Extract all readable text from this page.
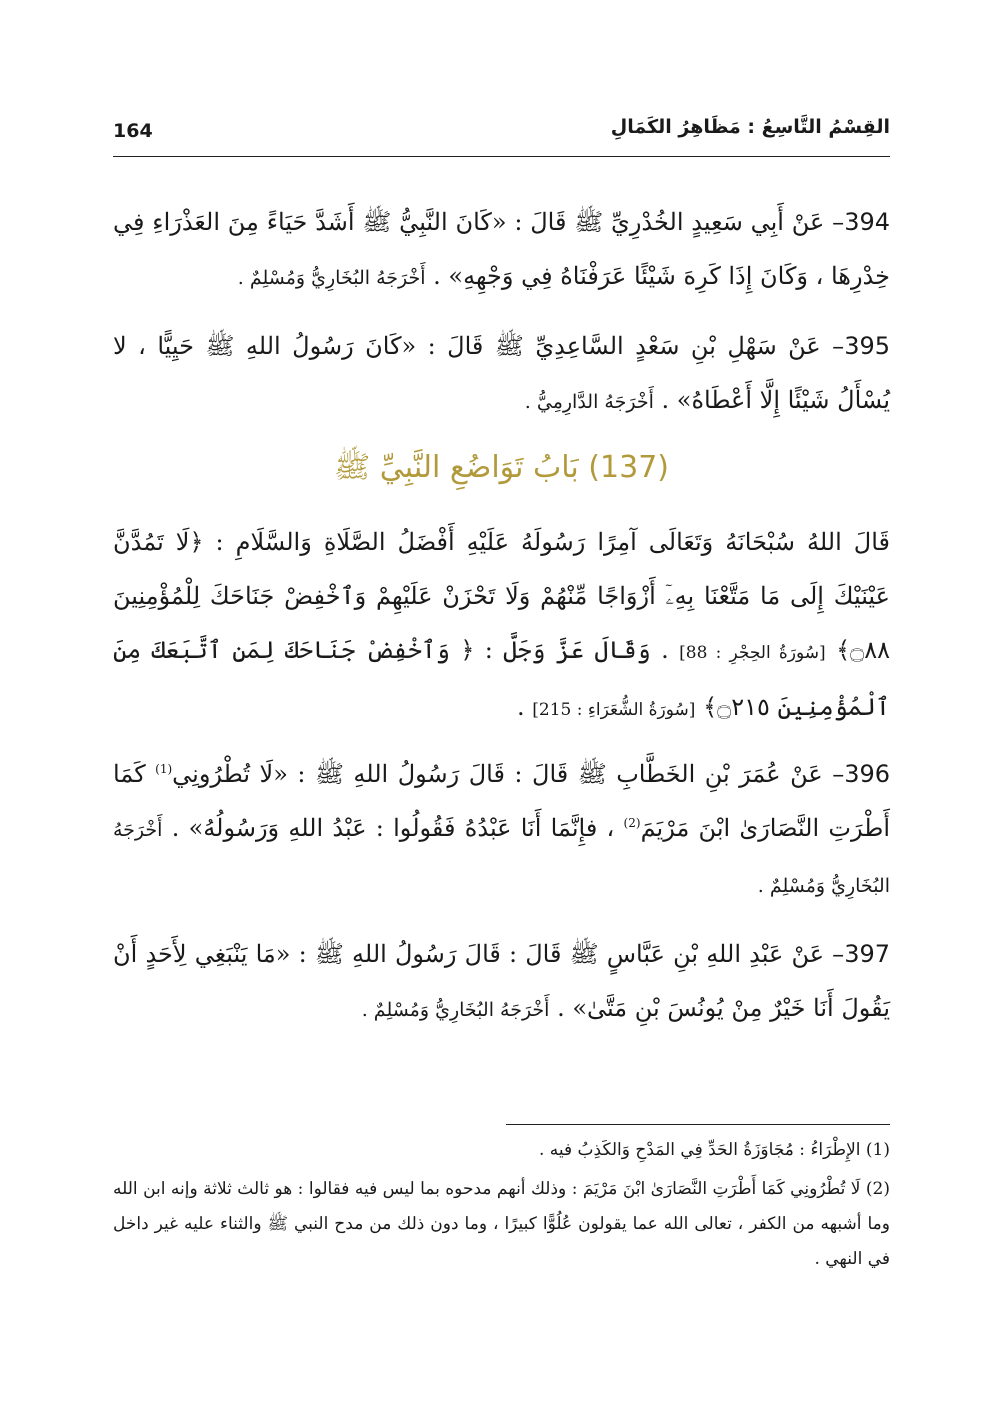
164	القِسْمُ التَّاسِعُ : مَظَاهِرُ الكَمَالِ

394– عَنْ أَبِي سَعِيدٍ الخُدْرِيِّ ﷺ قَالَ : «كَانَ النَّبِيُّ ﷺ أَشَدَّ حَيَاءً مِنَ العَذْرَاءِ فِي خِدْرِهَا ، وَكَانَ إِذَا كَرِهَ شَيْئًا عَرَفْنَاهُ فِي وَجْهِهِ» . أَخْرَجَهُ البُخَارِيُّ وَمُسْلِمٌ .

395– عَنْ سَهْلِ بْنِ سَعْدٍ السَّاعِدِيِّ ﷺ قَالَ : «كَانَ رَسُولُ اللهِ ﷺ حَيِيًّا ، لا يُسْأَلُ شَيْئًا إِلَّا أَعْطَاهُ» . أَخْرَجَهُ الدَّارِمِيُّ .

(137) بَابُ تَوَاضُعِ النَّبِيِّ ﷺ

قَالَ اللهُ سُبْحَانَهُ وَتَعَالَى آمِرًا رَسُولَهُ عَلَيْهِ أَفْضَلُ الصَّلَاةِ وَالسَّلَامِ : ﴿لَا تَمُدَّنَّ عَيْنَيْكَ إِلَى مَا مَتَّعْنَا بِهِۦٓ أَزْوَاجًا مِّنْهُمْ وَلَا تَحْزَنْ عَلَيْهِمْ وَٱخْفِضْ جَنَاحَكَ لِلْمُؤْمِنِينَ ۝٨٨﴾ [سُورَةُ الحِجْرِ : 88] . وَقَالَ عَزَّ وَجَلَّ : ﴿ وَٱخْفِضْ جَنَاحَكَ لِمَنِ ٱتَّبَعَكَ مِنَ ٱلْمُؤْمِنِينَ ۝٢١٥﴾ [سُورَةُ الشُّعَرَاءِ : 215] .

396– عَنْ عُمَرَ بْنِ الخَطَّابِ ﷺ قَالَ : قَالَ رَسُولُ اللهِ ﷺ : «لَا تُطْرُونِي$^{(1)}$ كَمَا أَطْرَتِ النَّصَارَىٰ ابْنَ مَرْيَمَ$^{(2)}$ ، فإِنَّمَا أَنَا عَبْدُهُ فَقُولُوا : عَبْدُ اللهِ وَرَسُولُهُ» . أَخْرَجَهُ البُخَارِيُّ وَمُسْلِمٌ .

397– عَنْ عَبْدِ اللهِ بْنِ عَبَّاسٍ ﷺ قَالَ : قَالَ رَسُولُ اللهِ ﷺ : «مَا يَنْبَغِي لِأَحَدٍ أَنْ يَقُولَ أَنَا خَيْرٌ مِنْ يُونُسَ بْنِ مَتَّىٰ» . أَخْرَجَهُ البُخَارِيُّ وَمُسْلِمٌ .

(1) الإِطْرَاءُ : مُجَاوَزَةُ الحَدِّ فِي المَدْحِ وَالكَذِبُ فيه .

(2) لَا تُطْرُونِي كَمَا أَطْرَتِ النَّصَارَىٰ ابْنَ مَرْيَمَ : وذلك أنهم مدحوه بما ليس فيه فقالوا : هو ثالث ثلاثة وإنه ابن الله وما أشبهه من الكفر ، تعالى الله عما يقولون عُلُوًّا كبيرًا ، وما دون ذلك من مدح النبي ﷺ والثناء عليه غير داخل في النهي .
